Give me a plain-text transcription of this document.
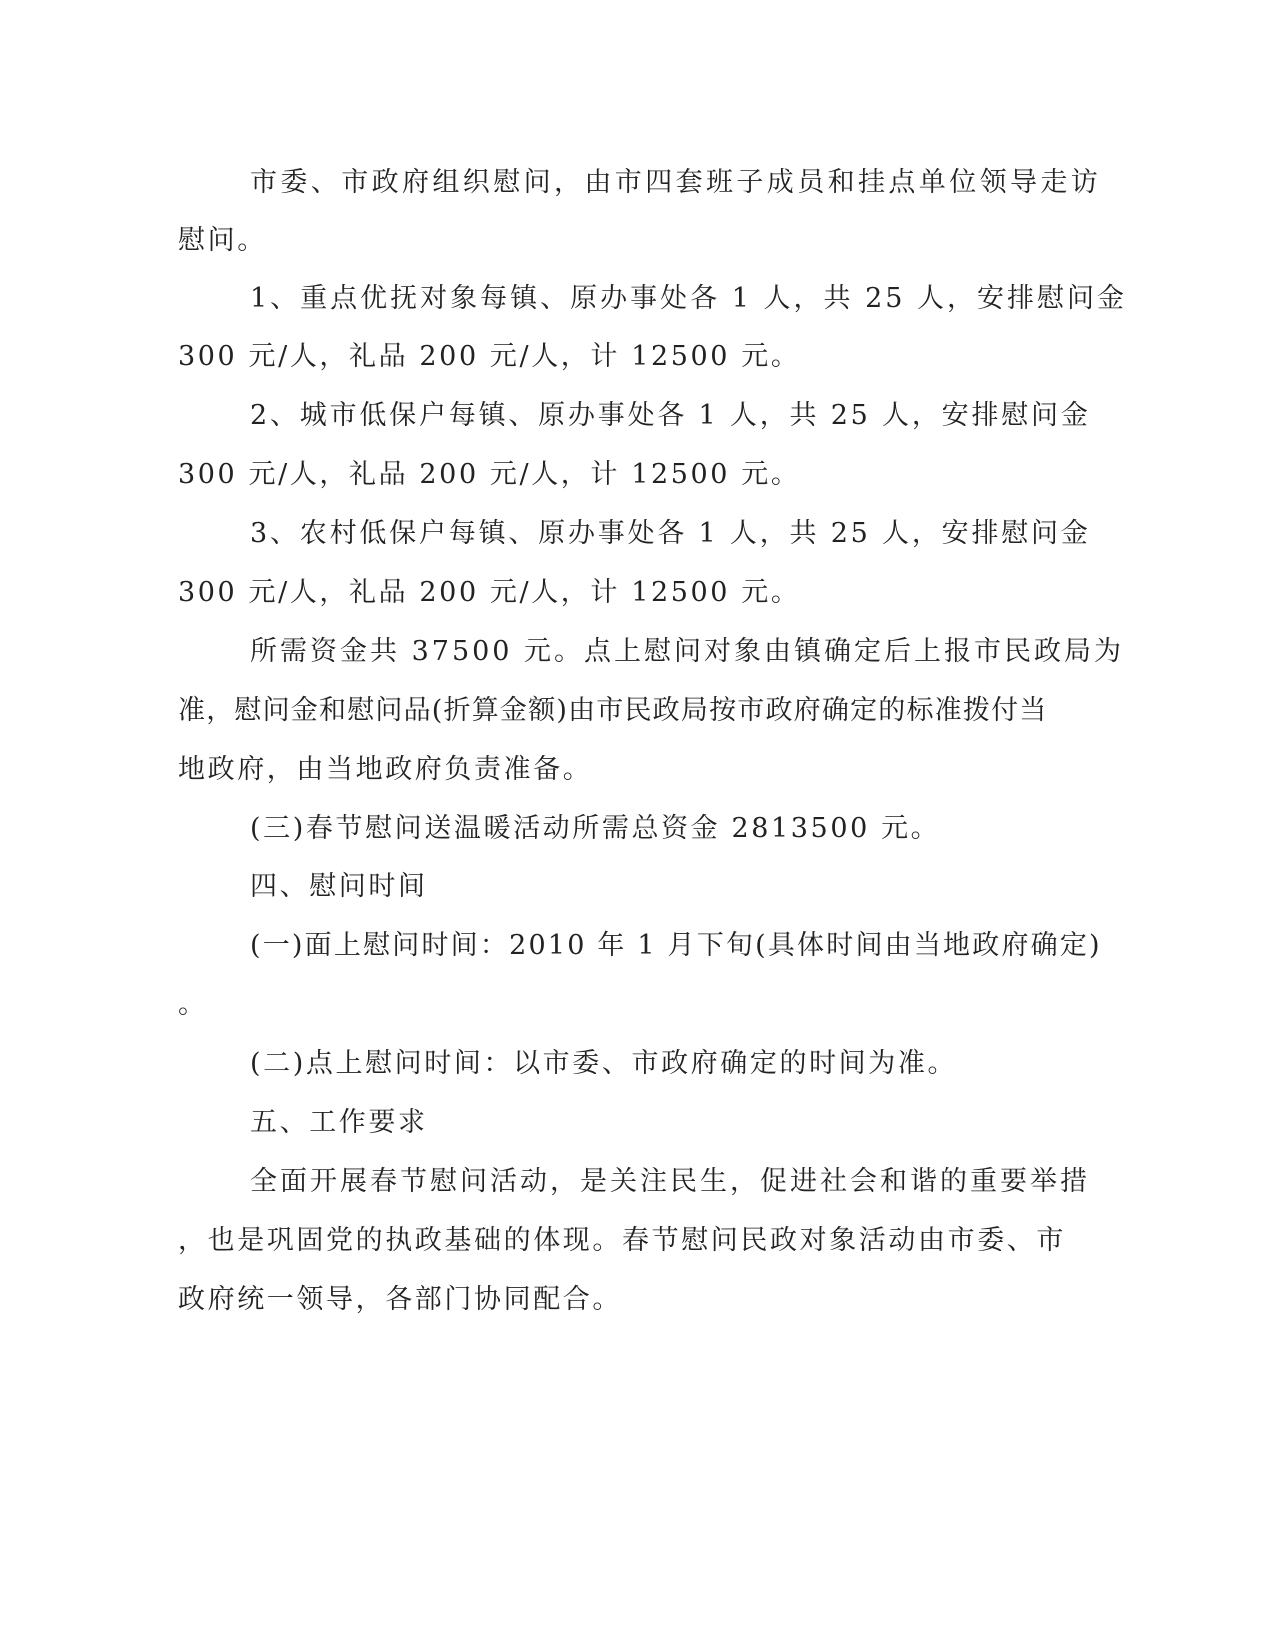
市委、市政府组织慰问，由市四套班子成员和挂点单位领导走访
慰问。
1、重点优抚对象每镇、原办事处各 1 人，共 25 人，安排慰问金
300 元/人，礼品 200 元/人，计 12500 元。
2、城市低保户每镇、原办事处各 1 人，共 25 人，安排慰问金
300 元/人，礼品 200 元/人，计 12500 元。
3、农村低保户每镇、原办事处各 1 人，共 25 人，安排慰问金
300 元/人，礼品 200 元/人，计 12500 元。
所需资金共 37500 元。点上慰问对象由镇确定后上报市民政局为
准，慰问金和慰问品(折算金额)由市民政局按市政府确定的标准拨付当
地政府，由当地政府负责准备。
(三)春节慰问送温暖活动所需总资金 2813500 元。
四、慰问时间
(一)面上慰问时间：2010 年 1 月下旬(具体时间由当地政府确定)
。
(二)点上慰问时间：以市委、市政府确定的时间为准。
五、工作要求
全面开展春节慰问活动，是关注民生，促进社会和谐的重要举措
，也是巩固党的执政基础的体现。春节慰问民政对象活动由市委、市
政府统一领导，各部门协同配合。
